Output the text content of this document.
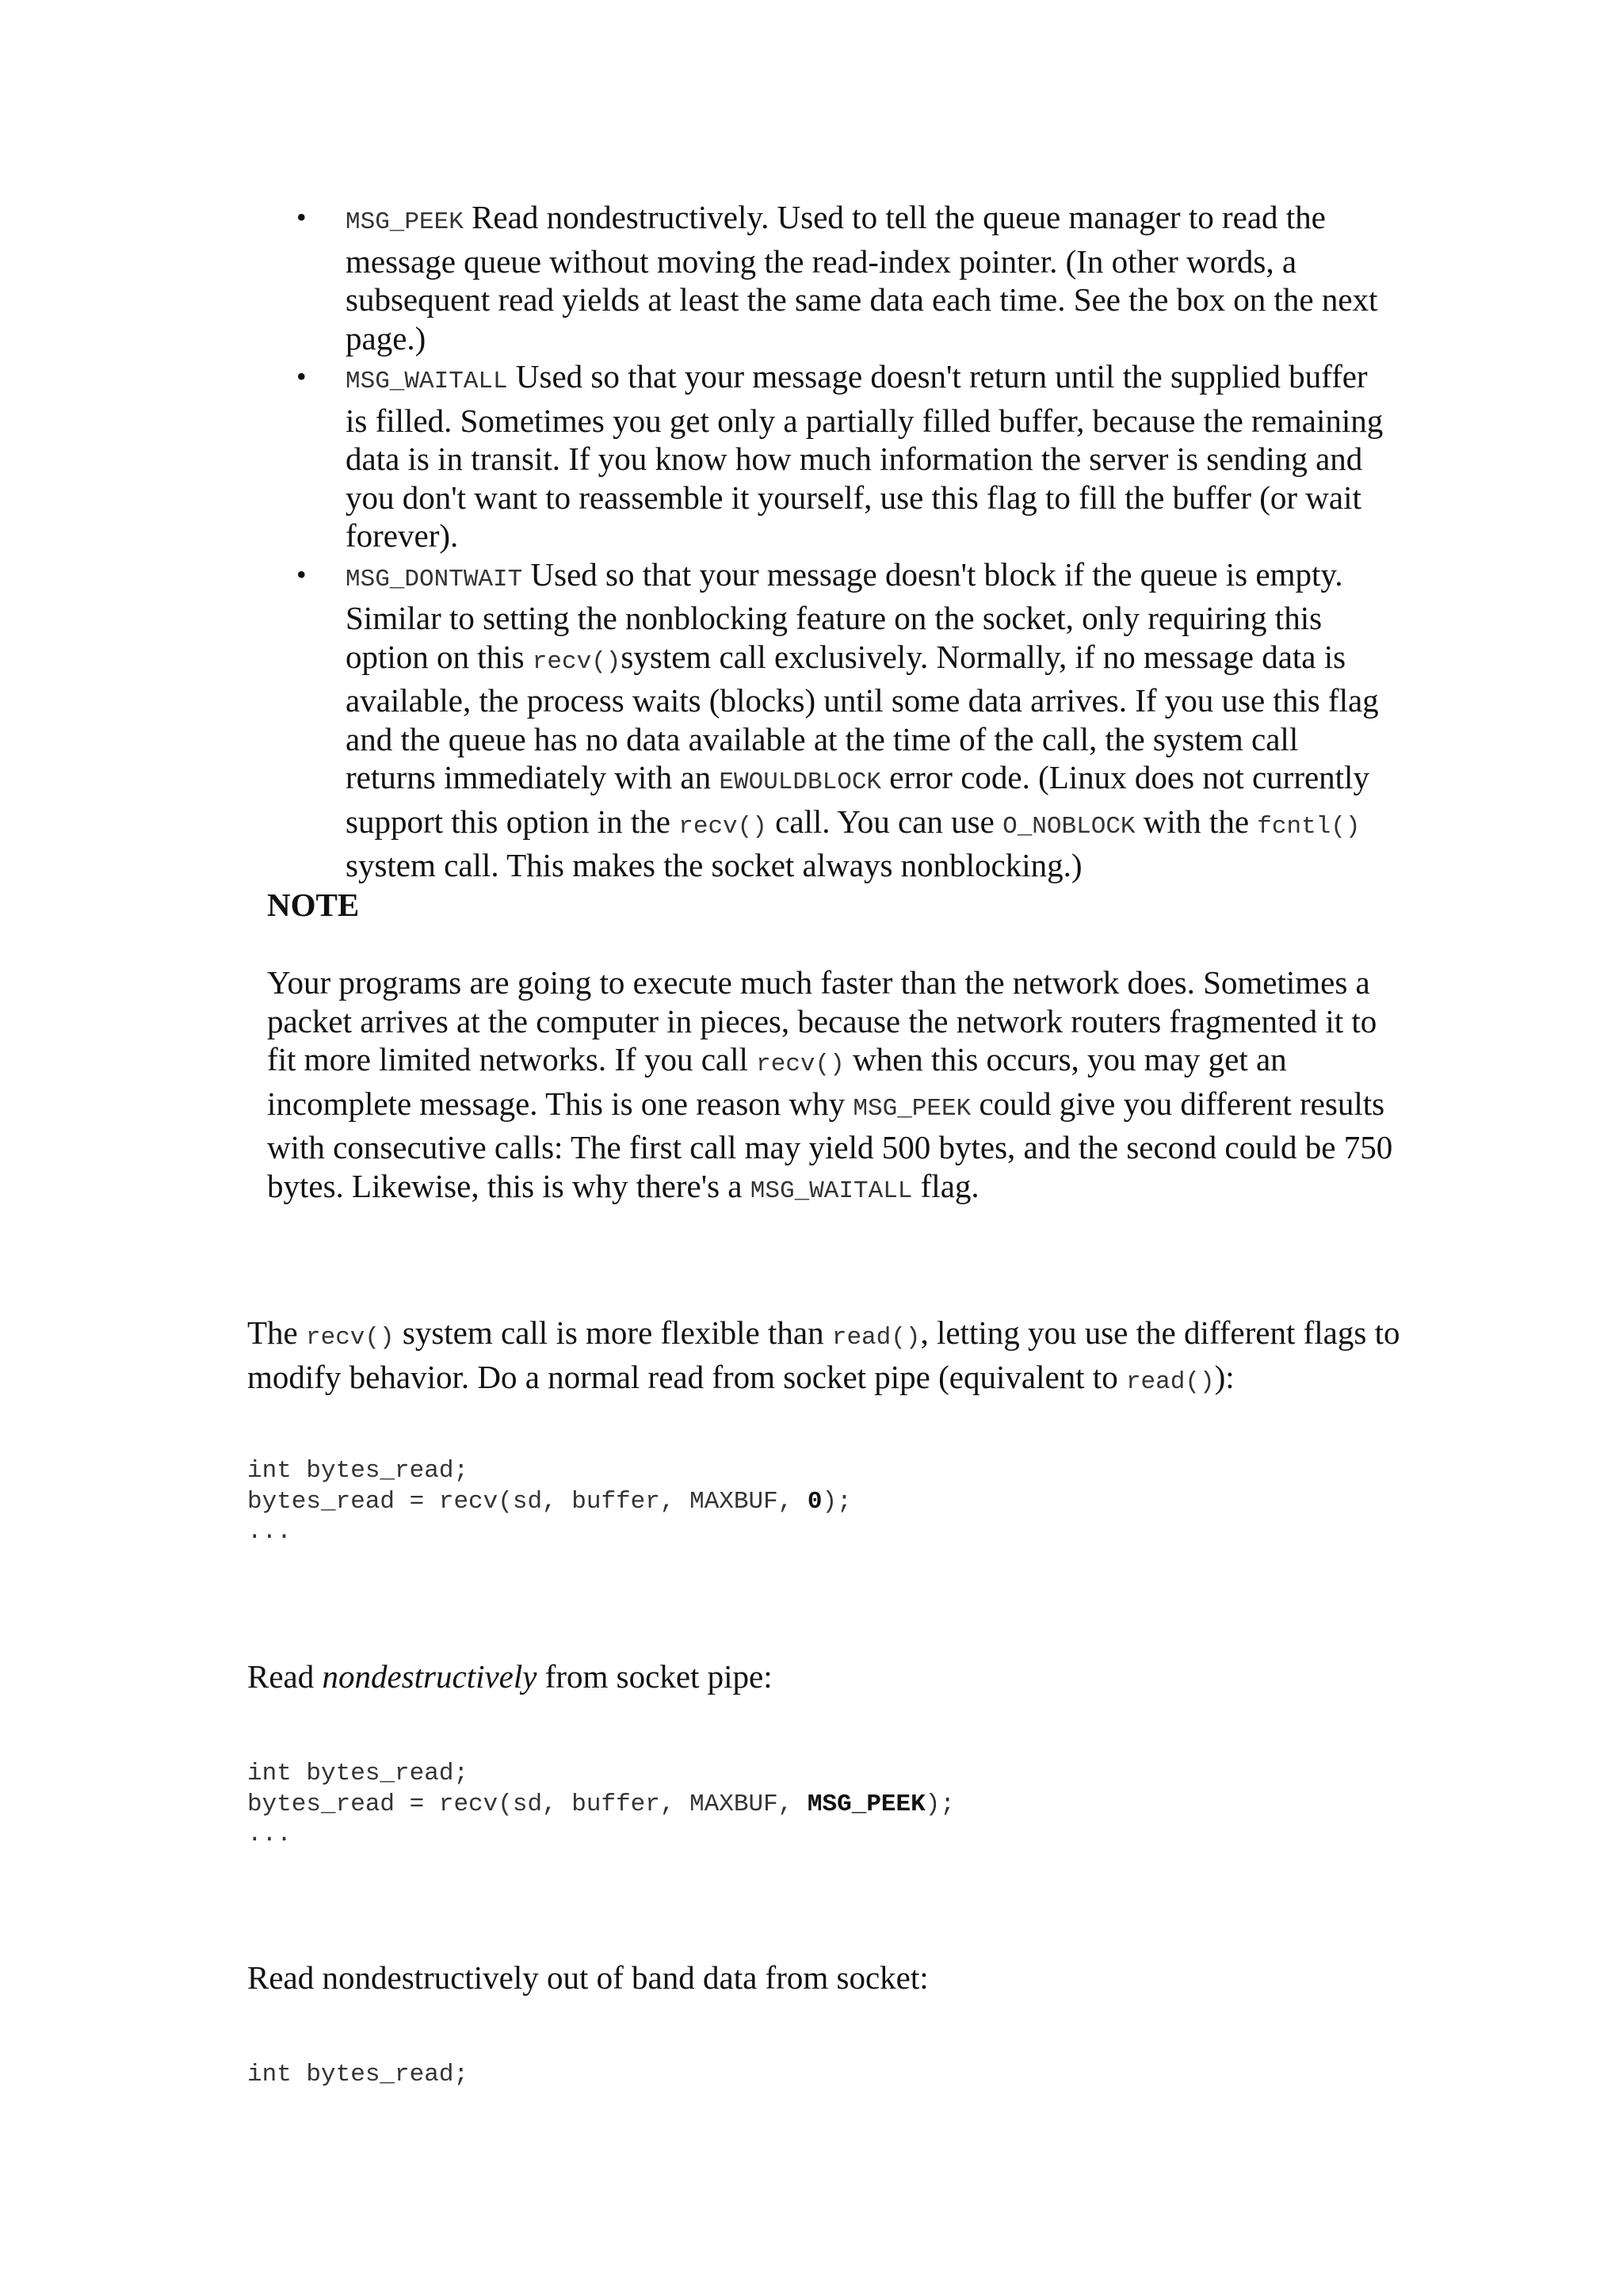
• MSG_PEEK Read nondestructively. Used to tell the queue manager to read the message queue without moving the read-index pointer. (In other words, a subsequent read yields at least the same data each time. See the box on the next page.)
• MSG_WAITALL Used so that your message doesn't return until the supplied buffer is filled. Sometimes you get only a partially filled buffer, because the remaining data is in transit. If you know how much information the server is sending and you don't want to reassemble it yourself, use this flag to fill the buffer (or wait forever).
• MSG_DONTWAIT Used so that your message doesn't block if the queue is empty. Similar to setting the nonblocking feature on the socket, only requiring this option on this recv()system call exclusively. Normally, if no message data is available, the process waits (blocks) until some data arrives. If you use this flag and the queue has no data available at the time of the call, the system call returns immediately with an EWOULDBLOCK error code. (Linux does not currently support this option in the recv() call. You can use O_NOBLOCK with the fcntl() system call. This makes the socket always nonblocking.)
NOTE

Your programs are going to execute much faster than the network does. Sometimes a packet arrives at the computer in pieces, because the network routers fragmented it to fit more limited networks. If you call recv() when this occurs, you may get an incomplete message. This is one reason why MSG_PEEK could give you different results with consecutive calls: The first call may yield 500 bytes, and the second could be 750 bytes. Likewise, this is why there's a MSG_WAITALL flag.

The recv() system call is more flexible than read(), letting you use the different flags to modify behavior. Do a normal read from socket pipe (equivalent to read()):

int bytes_read;
bytes_read = recv(sd, buffer, MAXBUF, 0);
...

Read nondestructively from socket pipe:

int bytes_read;
bytes_read = recv(sd, buffer, MAXBUF, MSG_PEEK);
...

Read nondestructively out of band data from socket:

int bytes_read;
